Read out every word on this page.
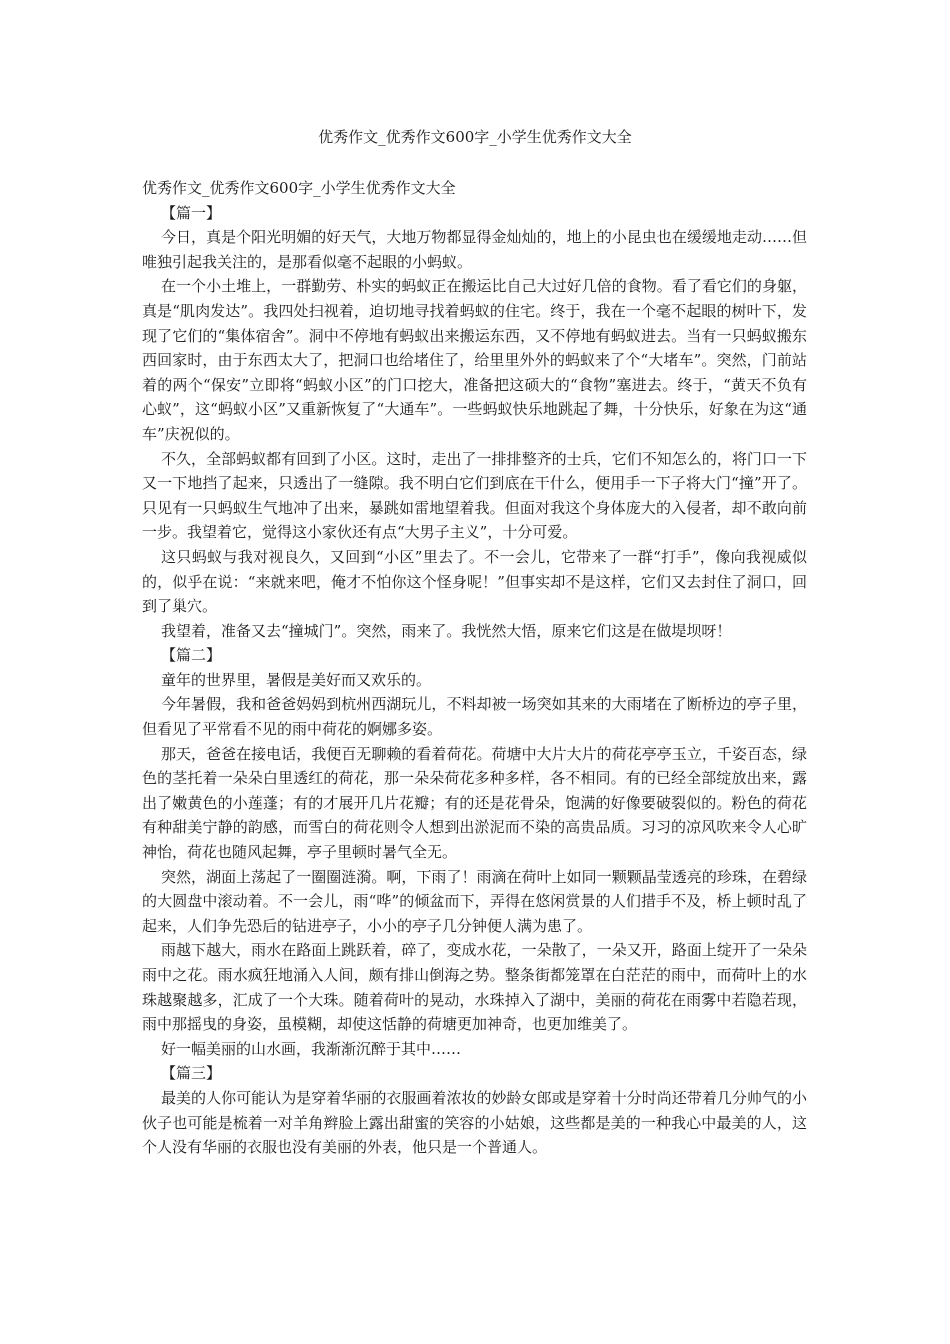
优秀作文_优秀作文600字_小学生优秀作文大全

优秀作文_优秀作文600字_小学生优秀作文大全

【篇一】

今日，真是个阳光明媚的好天气，大地万物都显得金灿灿的，地上的小昆虫也在缓缓地走动……但唯独引起我关注的，是那看似毫不起眼的小蚂蚁。

在一个小土堆上，一群勤劳、朴实的蚂蚁正在搬运比自己大过好几倍的食物。看了看它们的身躯，真是“肌肉发达”。我四处扫视着，迫切地寻找着蚂蚁的住宅。终于，我在一个毫不起眼的树叶下，发现了它们的“集体宿舍”。洞中不停地有蚂蚁出来搬运东西，又不停地有蚂蚁进去。当有一只蚂蚁搬东西回家时，由于东西太大了，把洞口也给堵住了，给里里外外的蚂蚁来了个“大堵车”。突然，门前站着的两个“保安”立即将“蚂蚁小区”的门口挖大，准备把这硕大的“食物”塞进去。终于，“黄天不负有心蚁”，这“蚂蚁小区”又重新恢复了“大通车”。一些蚂蚁快乐地跳起了舞，十分快乐，好象在为这“通车”庆祝似的。

不久，全部蚂蚁都有回到了小区。这时，走出了一排排整齐的士兵，它们不知怎么的，将门口一下又一下地挡了起来，只透出了一缝隙。我不明白它们到底在干什么，便用手一下子将大门“撞”开了。只见有一只蚂蚁生气地冲了出来，暴跳如雷地望着我。但面对我这个身体庞大的入侵者，却不敢向前一步。我望着它，觉得这小家伙还有点“大男子主义”，十分可爱。

这只蚂蚁与我对视良久，又回到“小区”里去了。不一会儿，它带来了一群“打手”，像向我视威似的，似乎在说：“来就来吧，俺才不怕你这个怪身呢！”但事实却不是这样，它们又去封住了洞口，回到了巢穴。

我望着，准备又去“撞城门”。突然，雨来了。我恍然大悟，原来它们这是在做堤坝呀！

【篇二】

童年的世界里，暑假是美好而又欢乐的。

今年暑假，我和爸爸妈妈到杭州西湖玩儿，不料却被一场突如其来的大雨堵在了断桥边的亭子里，但看见了平常看不见的雨中荷花的婀娜多姿。

那天，爸爸在接电话，我便百无聊赖的看着荷花。荷塘中大片大片的荷花亭亭玉立，千姿百态，绿色的茎托着一朵朵白里透红的荷花，那一朵朵荷花多种多样，各不相同。有的已经全部绽放出来，露出了嫩黄色的小莲蓬；有的才展开几片花瓣；有的还是花骨朵，饱满的好像要破裂似的。粉色的荷花有种甜美宁静的韵感，而雪白的荷花则令人想到出淤泥而不染的高贵品质。习习的凉风吹来令人心旷神怡，荷花也随风起舞，亭子里顿时暑气全无。

突然，湖面上荡起了一圈圈涟漪。啊，下雨了！雨滴在荷叶上如同一颗颗晶莹透亮的珍珠，在碧绿的大圆盘中滚动着。不一会儿，雨“哗”的倾盆而下，弄得在悠闲赏景的人们措手不及，桥上顿时乱了起来，人们争先恐后的钻进亭子，小小的亭子几分钟便人满为患了。

雨越下越大，雨水在路面上跳跃着，碎了，变成水花，一朵散了，一朵又开，路面上绽开了一朵朵雨中之花。雨水疯狂地涌入人间，颇有排山倒海之势。整条街都笼罩在白茫茫的雨中，而荷叶上的水珠越聚越多，汇成了一个大珠。随着荷叶的晃动，水珠掉入了湖中，美丽的荷花在雨雾中若隐若现，雨中那摇曳的身姿，虽模糊，却使这恬静的荷塘更加神奇，也更加维美了。

好一幅美丽的山水画，我渐渐沉醉于其中……

【篇三】

最美的人你可能认为是穿着华丽的衣服画着浓妆的妙龄女郎或是穿着十分时尚还带着几分帅气的小伙子也可能是梳着一对羊角辫脸上露出甜蜜的笑容的小姑娘，这些都是美的一种我心中最美的人，这个人没有华丽的衣服也没有美丽的外表，他只是一个普通人。
